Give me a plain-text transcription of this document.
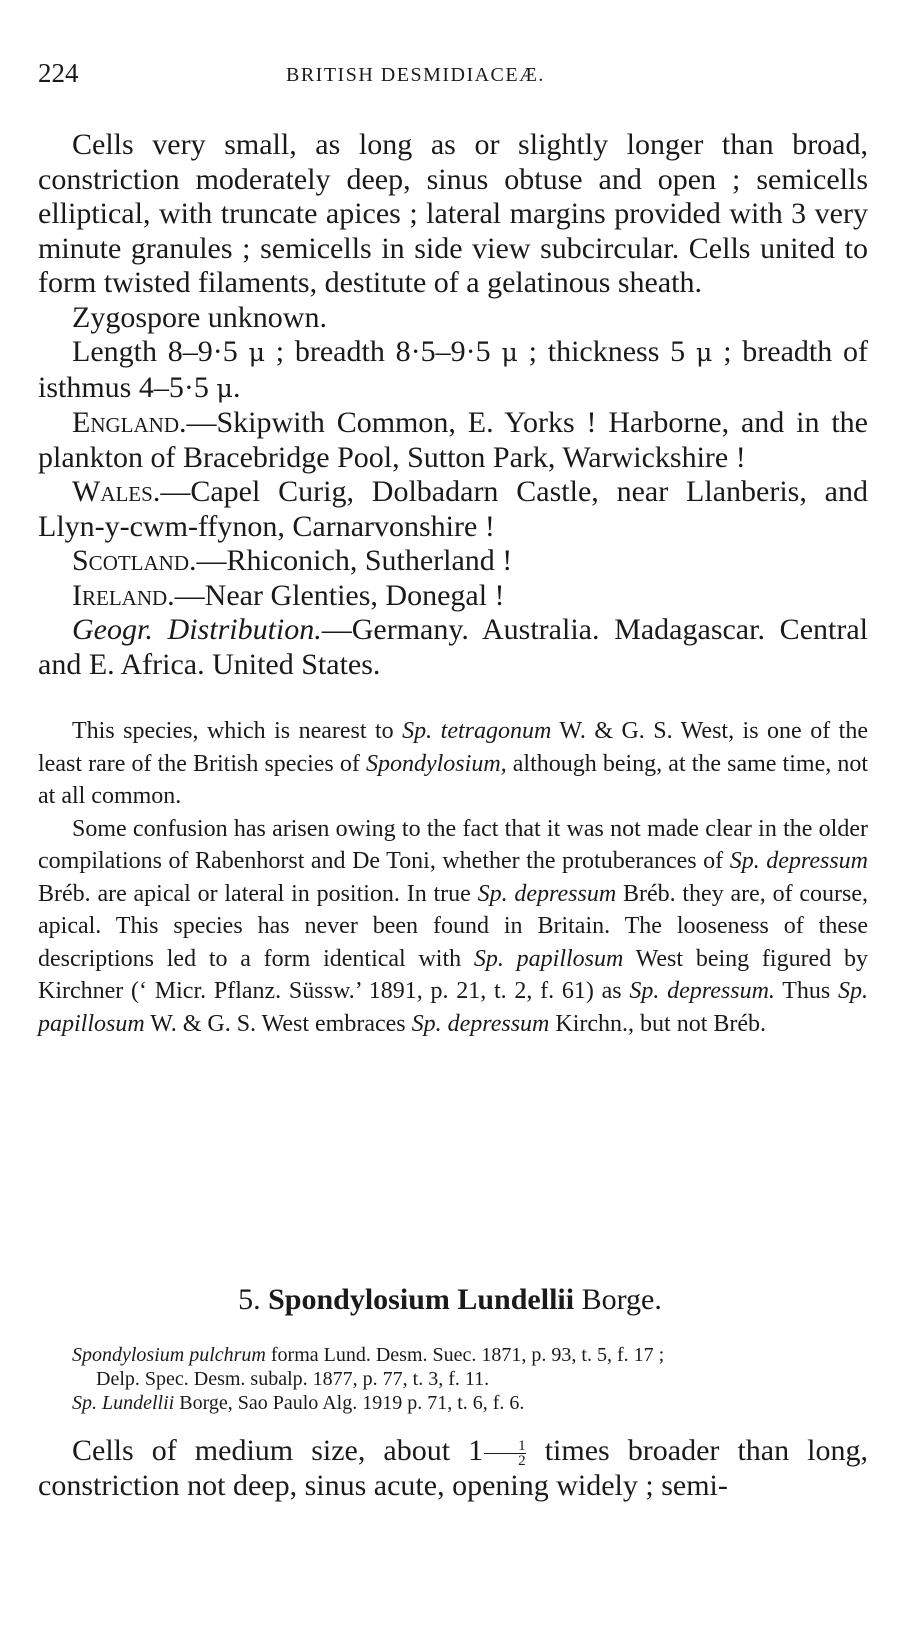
224	BRITISH DESMIDIACEÆ.

Cells very small, as long as or slightly longer than broad, constriction moderately deep, sinus obtuse and open ; semicells elliptical, with truncate apices ; lateral margins provided with 3 very minute granules ; semicells in side view subcircular. Cells united to form twisted filaments, destitute of a gelatinous sheath.

Zygospore unknown.

Length 8–9·5 μ ; breadth 8·5–9·5 μ ; thickness 5 μ ; breadth of isthmus 4–5·5 μ.

England.—Skipwith Common, E. Yorks ! Harborne, and in the plankton of Bracebridge Pool, Sutton Park, Warwickshire !

Wales.—Capel Curig, Dolbadarn Castle, near Llanberis, and Llyn-y-cwm-ffynon, Carnarvonshire !

Scotland.—Rhiconich, Sutherland !

Ireland.—Near Glenties, Donegal !

Geogr. Distribution.—Germany. Australia. Madagascar. Central and E. Africa. United States.

This species, which is nearest to Sp. tetragonum W. & G. S. West, is one of the least rare of the British species of Spondylosium, although being, at the same time, not at all common.

Some confusion has arisen owing to the fact that it was not made clear in the older compilations of Rabenhorst and De Toni, whether the protuberances of Sp. depressum Bréb. are apical or lateral in position. In true Sp. depressum Bréb. they are, of course, apical. This species has never been found in Britain. The looseness of these descriptions led to a form identical with Sp. papillosum West being figured by Kirchner (‘ Micr. Pflanz. Süssw.’ 1891, p. 21, t. 2, f. 61) as Sp. depressum. Thus Sp. papillosum W. & G. S. West embraces Sp. depressum Kirchn., but not Bréb.

5. Spondylosium Lundellii Borge.

Spondylosium pulchrum forma Lund. Desm. Suec. 1871, p. 93, t. 5, f. 17 ;

Delp. Spec. Desm. subalp. 1877, p. 77, t. 3, f. 11.

Sp. Lundellii Borge, Sao Paulo Alg. 1919 p. 71, t. 6, f. 6.

Cells of medium size, about $1 \frac{1}{2}$ times broader than long, constriction not deep, sinus acute, opening widely ; semi-
